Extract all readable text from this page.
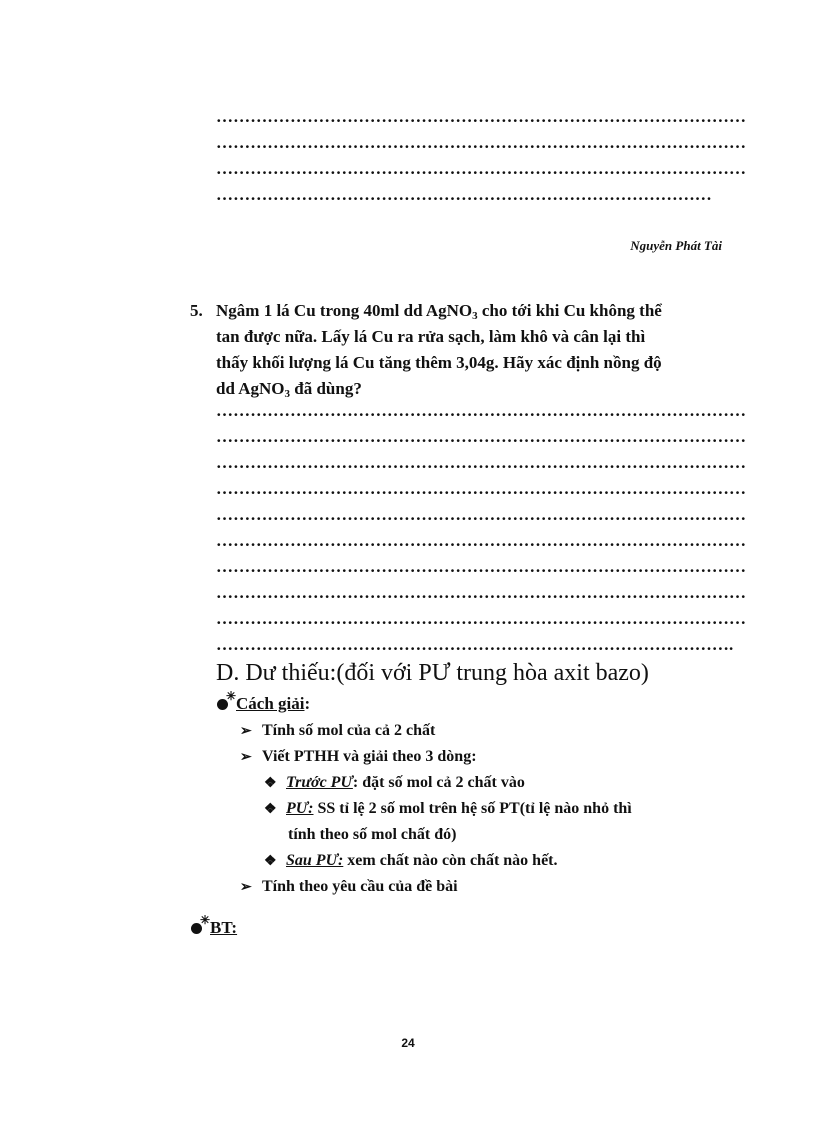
…………………………………………………………………………………
…………………………………………………………………………………
…………………………………………………………………………………
……………………………………………………………………………
Nguyễn Phát Tài
5. Ngâm 1 lá Cu trong 40ml dd AgNO$_3$ cho tới khi Cu không thể
tan được nữa. Lấy lá Cu ra rửa sạch, làm khô và cân lại thì
thấy khối lượng lá Cu tăng thêm 3,04g. Hãy xác định nồng độ
dd AgNO$_3$ đã dùng?
…………………………………………………………………………………
…………………………………………………………………………………
…………………………………………………………………………………
…………………………………………………………………………………
…………………………………………………………………………………
…………………………………………………………………………………
…………………………………………………………………………………
…………………………………………………………………………………
…………………………………………………………………………………
……………………………………………………………………………….
D. Dư thiếu:(đối với PƯ trung hòa axit bazo)
✳ Cách giải:
➢ Tính số mol của cả 2 chất
➢ Viết PTHH và giải theo 3 dòng:
❖ Trước PƯ: đặt số mol cả 2 chất vào
❖ PƯ: SS tỉ lệ 2 số mol trên hệ số PT(tỉ lệ nào nhỏ thì
tính theo số mol chất đó)
❖ Sau PƯ: xem chất nào còn chất nào hết.
➢ Tính theo yêu cầu của đề bài
✳ BT:
24
